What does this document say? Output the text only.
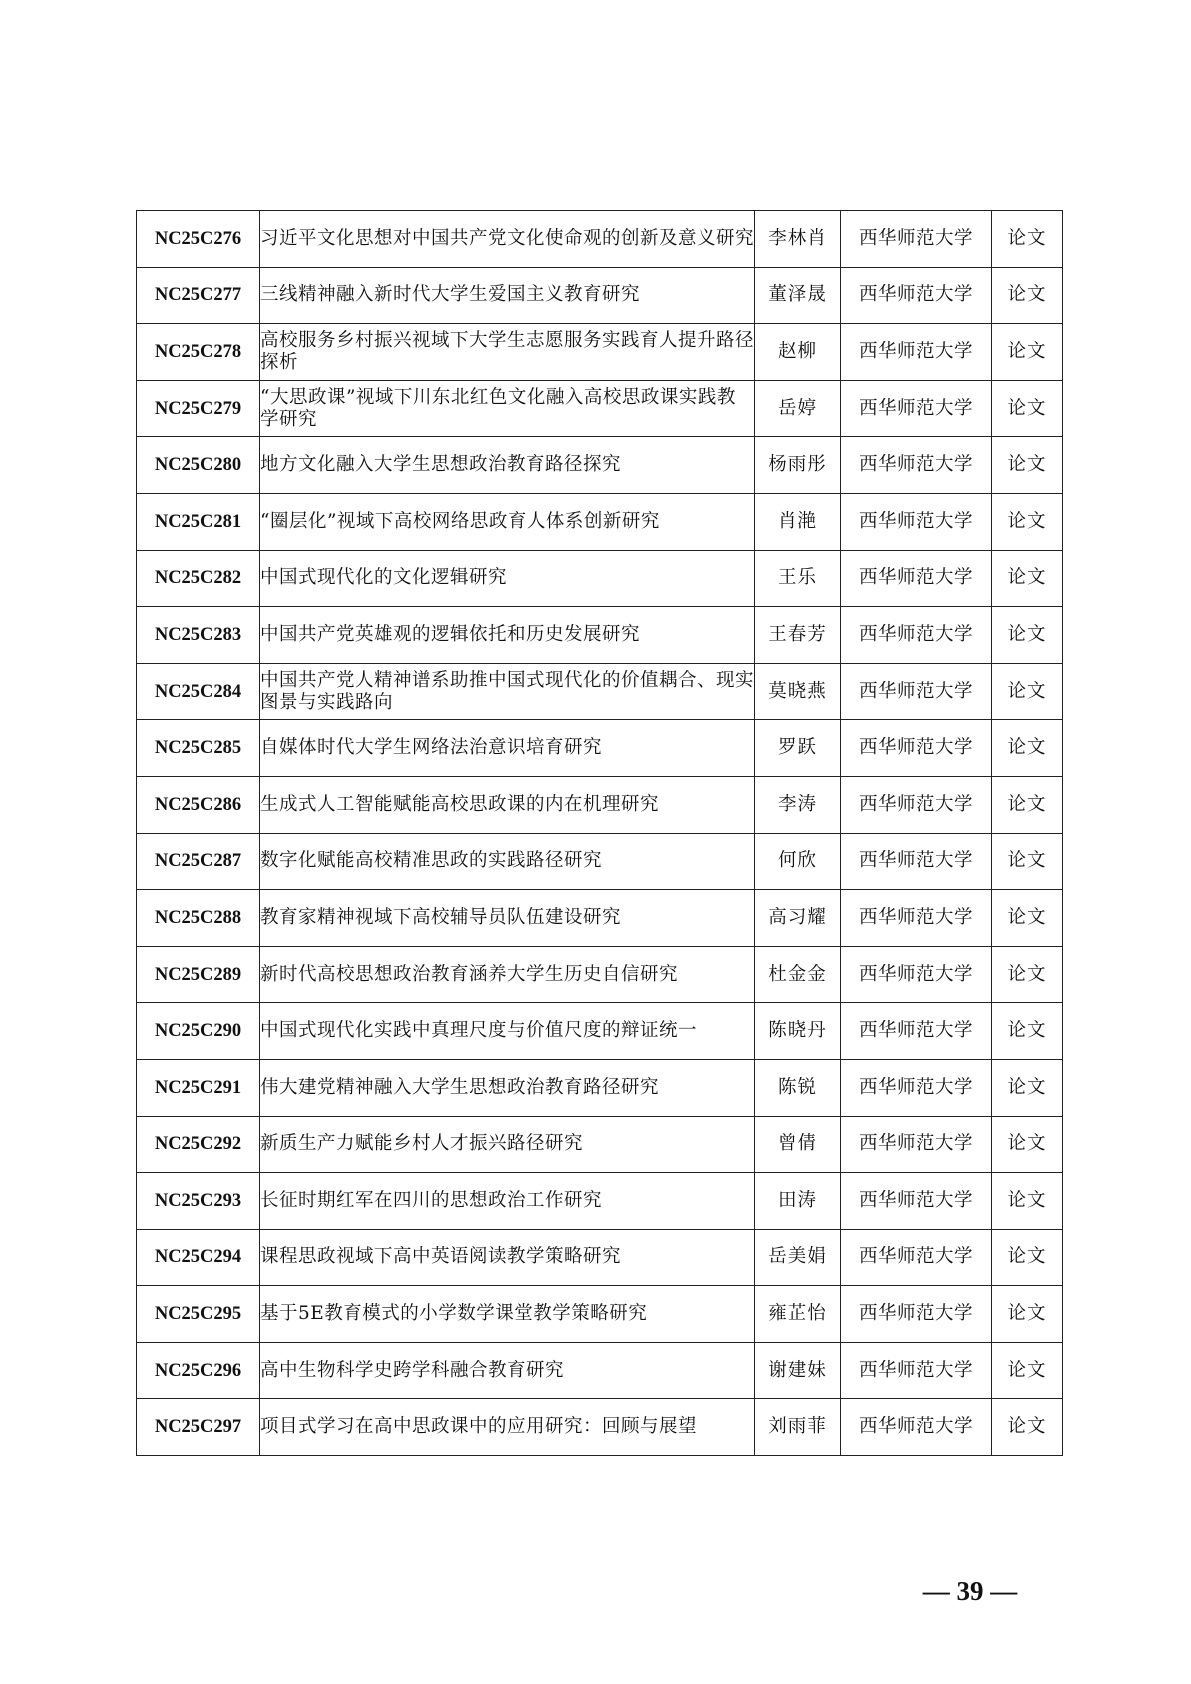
NC25C276	习近平文化思想对中国共产党文化使命观的创新及意义研究	李林肖	西华师范大学	论文
NC25C277	三线精神融入新时代大学生爱国主义教育研究	董泽晟	西华师范大学	论文
NC25C278	高校服务乡村振兴视域下大学生志愿服务实践育人提升路径探析	赵柳	西华师范大学	论文
NC25C279	“大思政课”视域下川东北红色文化融入高校思政课实践教学研究	岳婷	西华师范大学	论文
NC25C280	地方文化融入大学生思想政治教育路径探究	杨雨彤	西华师范大学	论文
NC25C281	“圈层化”视域下高校网络思政育人体系创新研究	肖滟	西华师范大学	论文
NC25C282	中国式现代化的文化逻辑研究	王乐	西华师范大学	论文
NC25C283	中国共产党英雄观的逻辑依托和历史发展研究	王春芳	西华师范大学	论文
NC25C284	中国共产党人精神谱系助推中国式现代化的价值耦合、现实图景与实践路向	莫晓燕	西华师范大学	论文
NC25C285	自媒体时代大学生网络法治意识培育研究	罗跃	西华师范大学	论文
NC25C286	生成式人工智能赋能高校思政课的内在机理研究	李涛	西华师范大学	论文
NC25C287	数字化赋能高校精准思政的实践路径研究	何欣	西华师范大学	论文
NC25C288	教育家精神视域下高校辅导员队伍建设研究	高习耀	西华师范大学	论文
NC25C289	新时代高校思想政治教育涵养大学生历史自信研究	杜金金	西华师范大学	论文
NC25C290	中国式现代化实践中真理尺度与价值尺度的辩证统一	陈晓丹	西华师范大学	论文
NC25C291	伟大建党精神融入大学生思想政治教育路径研究	陈锐	西华师范大学	论文
NC25C292	新质生产力赋能乡村人才振兴路径研究	曾倩	西华师范大学	论文
NC25C293	长征时期红军在四川的思想政治工作研究	田涛	西华师范大学	论文
NC25C294	课程思政视域下高中英语阅读教学策略研究	岳美娟	西华师范大学	论文
NC25C295	基于5E教育模式的小学数学课堂教学策略研究	雍芷怡	西华师范大学	论文
NC25C296	高中生物科学史跨学科融合教育研究	谢建妹	西华师范大学	论文
NC25C297	项目式学习在高中思政课中的应用研究：回顾与展望	刘雨菲	西华师范大学	论文
— 39 —
